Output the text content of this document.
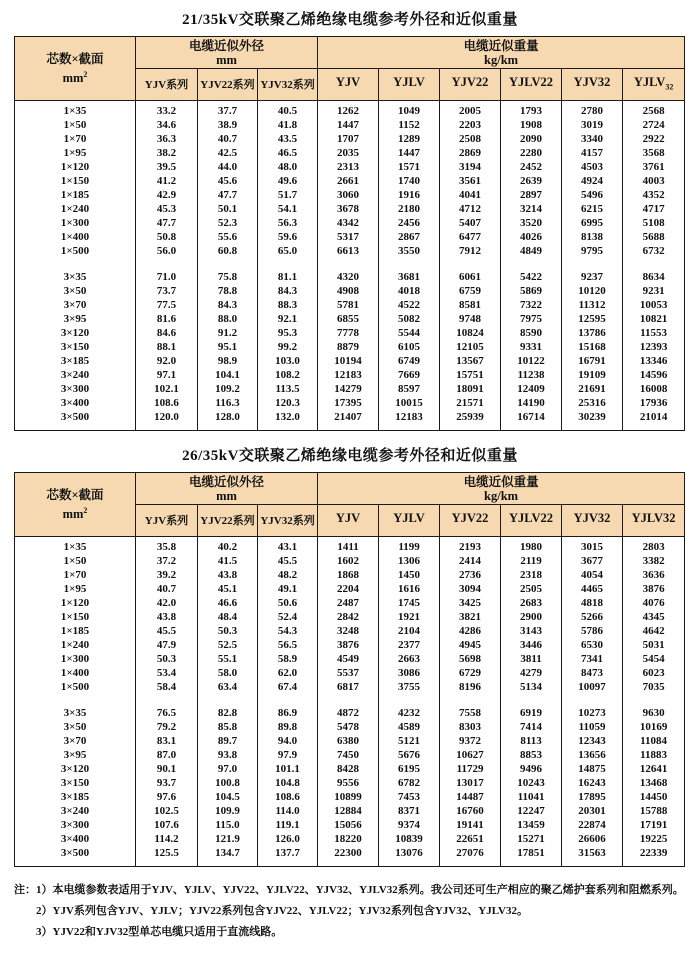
21/35kV交联聚乙烯绝缘电缆参考外径和近似重量
芯数×截面
$mm^2$	
电缆近似外径
mm

电缆近似重量
kg/km

	YJV系列	YJV22系列	YJV32系列	YJV	YJLV	YJV22	YJLV22	YJV32	$YJLV_{32}$
1×35	33.2	37.7	40.5	1262	1049	2005	1793	2780	2568
1×50	34.6	38.9	41.8	1447	1152	2203	1908	3019	2724
1×70	36.3	40.7	43.5	1707	1289	2508	2090	3340	2922
1×95	38.2	42.5	46.5	2035	1447	2869	2280	4157	3568
1×120	39.5	44.0	48.0	2313	1571	3194	2452	4503	3761
1×150	41.2	45.6	49.6	2661	1740	3561	2639	4924	4003
1×185	42.9	47.7	51.7	3060	1916	4041	2897	5496	4352
1×240	45.3	50.1	54.1	3678	2180	4712	3214	6215	4717
1×300	47.7	52.3	56.3	4342	2456	5407	3520	6995	5108
1×400	50.8	55.6	59.6	5317	2867	6477	4026	8138	5688
1×500	56.0	60.8	65.0	6613	3550	7912	4849	9795	6732

3×35	71.0	75.8	81.1	4320	3681	6061	5422	9237	8634
3×50	73.7	78.8	84.3	4908	4018	6759	5869	10120	9231
3×70	77.5	84.3	88.3	5781	4522	8581	7322	11312	10053
3×95	81.6	88.0	92.1	6855	5082	9748	7975	12595	10821
3×120	84.6	91.2	95.3	7778	5544	10824	8590	13786	11553
3×150	88.1	95.1	99.2	8879	6105	12105	9331	15168	12393
3×185	92.0	98.9	103.0	10194	6749	13567	10122	16791	13346
3×240	97.1	104.1	108.2	12183	7669	15751	11238	19109	14596
3×300	102.1	109.2	113.5	14279	8597	18091	12409	21691	16008
3×400	108.6	116.3	120.3	17395	10015	21571	14190	25316	17936
3×500	120.0	128.0	132.0	21407	12183	25939	16714	30239	21014
26/35kV交联聚乙烯绝缘电缆参考外径和近似重量
芯数×截面
$mm^2$	
电缆近似外径
mm

电缆近似重量
kg/km

	YJV系列	YJV22系列	YJV32系列	YJV	YJLV	YJV22	YJLV22	YJV32	YJLV32
1×35	35.8	40.2	43.1	1411	1199	2193	1980	3015	2803
1×50	37.2	41.5	45.5	1602	1306	2414	2119	3677	3382
1×70	39.2	43.8	48.2	1868	1450	2736	2318	4054	3636
1×95	40.7	45.1	49.1	2204	1616	3094	2505	4465	3876
1×120	42.0	46.6	50.6	2487	1745	3425	2683	4818	4076
1×150	43.8	48.4	52.4	2842	1921	3821	2900	5266	4345
1×185	45.5	50.3	54.3	3248	2104	4286	3143	5786	4642
1×240	47.9	52.5	56.5	3876	2377	4945	3446	6530	5031
1×300	50.3	55.1	58.9	4549	2663	5698	3811	7341	5454
1×400	53.4	58.0	62.0	5537	3086	6729	4279	8473	6023
1×500	58.4	63.4	67.4	6817	3755	8196	5134	10097	7035

3×35	76.5	82.8	86.9	4872	4232	7558	6919	10273	9630
3×50	79.2	85.8	89.8	5478	4589	8303	7414	11059	10169
3×70	83.1	89.7	94.0	6380	5121	9372	8113	12343	11084
3×95	87.0	93.8	97.9	7450	5676	10627	8853	13656	11883
3×120	90.1	97.0	101.1	8428	6195	11729	9496	14875	12641
3×150	93.7	100.8	104.8	9556	6782	13017	10243	16243	13468
3×185	97.6	104.5	108.6	10899	7453	14487	11041	17895	14450
3×240	102.5	109.9	114.0	12884	8371	16760	12247	20301	15788
3×300	107.6	115.0	119.1	15056	9374	19141	13459	22874	17191
3×400	114.2	121.9	126.0	18220	10839	22651	15271	26606	19225
3×500	125.5	134.7	137.7	22300	13076	27076	17851	31563	22339
注： 1）本电缆参数表适用于YJV、YJLV、YJV22、YJLV22、YJV32、YJLV32系列。我公司还可生产相应的聚乙烯护套系列和阻燃系列。
2）YJV系列包含YJV、YJLV；YJV22系列包含YJV22、YJLV22；YJV32系列包含YJV32、YJLV32。
3）YJV22和YJV32型单芯电缆只适用于直流线路。
